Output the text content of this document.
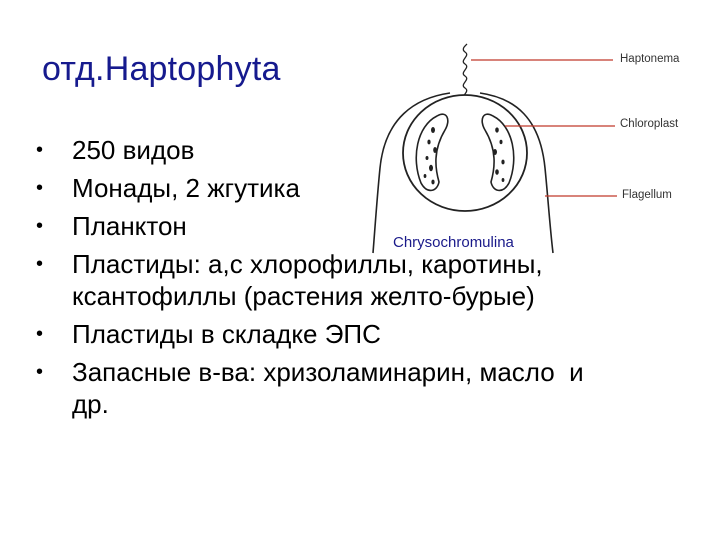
отд.Haptophyta
• 250 видов
• Монады, 2 жгутика
• Планктон
• Пластиды: а,с хлорофиллы, каротины,
ксантофиллы (растения желто-бурые)
• Пластиды в складке ЭПС
• Запасные в-ва: хризоламинарин, масло  и
др.
Haptonema
Chloroplast
Flagellum
Chrysochromulina
